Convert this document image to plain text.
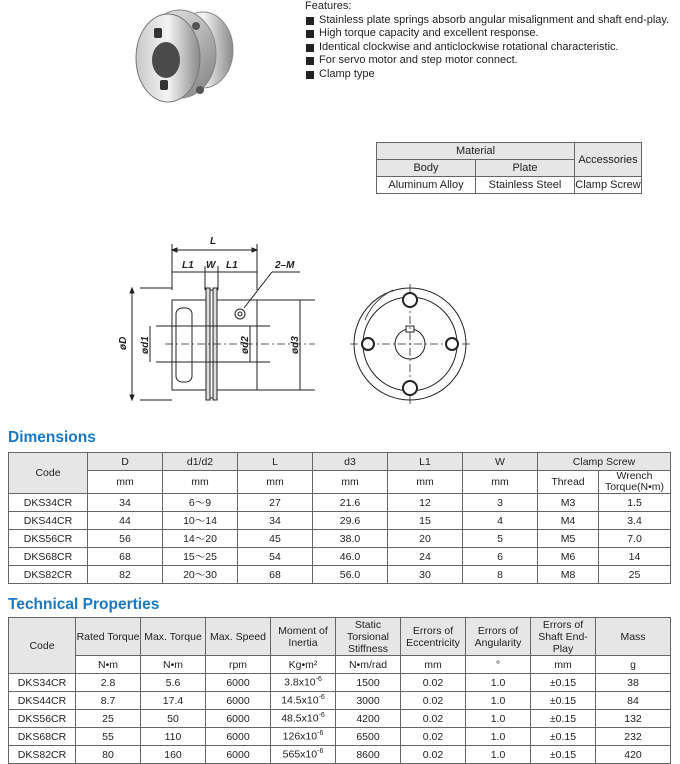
Features:

Stainless plate springs absorb angular misalignment and shaft end-play.

High torque capacity and excellent response.

Identical clockwise and anticlockwise rotational characteristic.

For servo motor and step motor connect.

Clamp type

Material		Accessories
Body	Plate	
Aluminum Alloy	Stainless Steel	Clamp Screw
L
L1 W L1	2–M
øD ød1	ød2	ød3

Dimensions

Code	D	d1/d2	L	d3	L1	W	Clamp Screw	
	mm	mm	mm	mm	mm	mm	Thread	Wrench Torque(N•m)
DKS34CR	34	6～9	27	21.6	12	3	M3	1.5
DKS44CR	44	10～14	34	29.6	15	4	M4	3.4
DKS56CR	56	14～20	45	38.0	20	5	M5	7.0
DKS68CR	68	15～25	54	46.0	24	6	M6	14
DKS82CR	82	20～30	68	56.0	30	8	M8	25

Technical Properties

Code	Rated Torque	Max. Torque	Max. Speed	Moment of Inertia	Static Torsional Stiffness	Errors of Eccentricity	Errors of Angularity	Errors of Shaft End-Play	Mass
	N•m	N•m	rpm	Kg•m²	N•m/rad	mm	°	mm	g
DKS34CR	2.8	5.6	6000	$3.8x10^{-6}$	1500	0.02	1.0	±0.15	38
DKS44CR	8.7	17.4	6000	$14.5x10^{-6}$	3000	0.02	1.0	±0.15	84
DKS56CR	25	50	6000	$48.5x10^{-6}$	4200	0.02	1.0	±0.15	132
DKS68CR	55	110	6000	$126x10^{-6}$	6500	0.02	1.0	±0.15	232
DKS82CR	80	160	6000	$565x10^{-6}$	8600	0.02	1.0	±0.15	420
